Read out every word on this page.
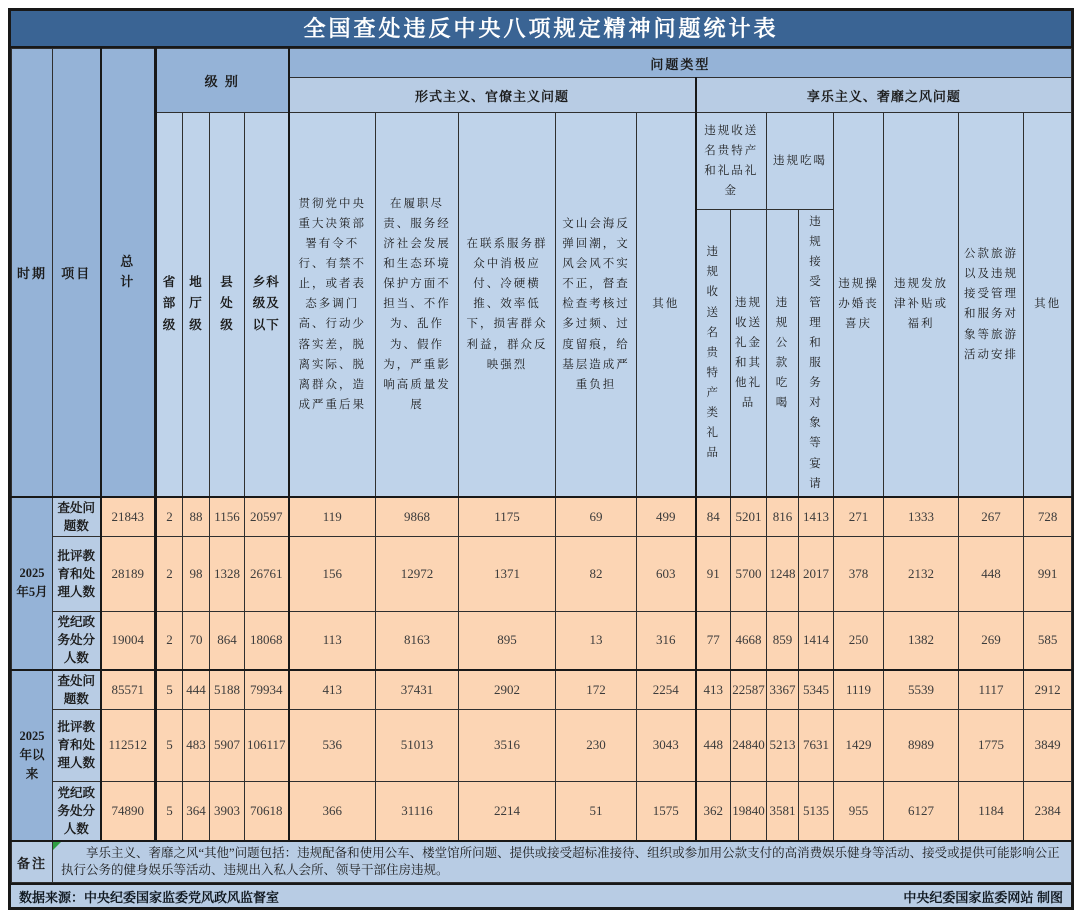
全国查处违反中央八项规定精神问题统计表
时期	项目	总计	级 别				问题类型												
							形式主义、官僚主义问题					享乐主义、奢靡之风问题							
			省部级	地厅级	县处级	乡科级及以下	贯彻党中央重大决策部署有令不行、有禁不止，或者表态多调门高、行动少落实差，脱离实际、脱离群众，造成严重后果	在履职尽责、服务经济社会发展和生态环境保护方面不担当、不作为、乱作为、假作为，严重影响高质量发展	在联系服务群众中消极应付、冷硬横推、效率低下，损害群众利益，群众反映强烈	文山会海反弹回潮，文风会风不实不正，督查检查考核过多过频、过度留痕，给基层造成严重负担	其他	违规收送名贵特产和礼品礼金		违规吃喝		违规操办婚丧喜庆	违规发放津补贴或福利	公款旅游以及违规接受管理和服务对象等旅游活动安排	其他
												违规收送名贵特产类礼品	违规收送礼金和其他礼品	违规公款吃喝	违规接受管理和服务对象等宴请				
2025年5月	查处问题数	21843	2	88	1156	20597	119	9868	1175	69	499	84	5201	816	1413	271	1333	267	728
	批评教育和处理人数	28189	2	98	1328	26761	156	12972	1371	82	603	91	5700	1248	2017	378	2132	448	991
	党纪政务处分人数	19004	2	70	864	18068	113	8163	895	13	316	77	4668	859	1414	250	1382	269	585
2025年以来	查处问题数	85571	5	444	5188	79934	413	37431	2902	172	2254	413	22587	3367	5345	1119	5539	1117	2912
	批评教育和处理人数	112512	5	483	5907	106117	536	51013	3516	230	3043	448	24840	5213	7631	1429	8989	1775	3849
	党纪政务处分人数	74890	5	364	3903	70618	366	31116	2214	51	1575	362	19840	3581	5135	955	6127	1184	2384
备注	享乐主义、奢靡之风“其他”问题包括：违规配备和使用公车、楼堂馆所问题、提供或接受超标准接待、组织或参加用公款支付的高消费娱乐健身等活动、接受或提供可能影响公正执行公务的健身娱乐等活动、违规出入私人会所、领导干部住房违规。																		
数据来源：中央纪委国家监委党风政风监督室	中央纪委国家监委网站 制图
